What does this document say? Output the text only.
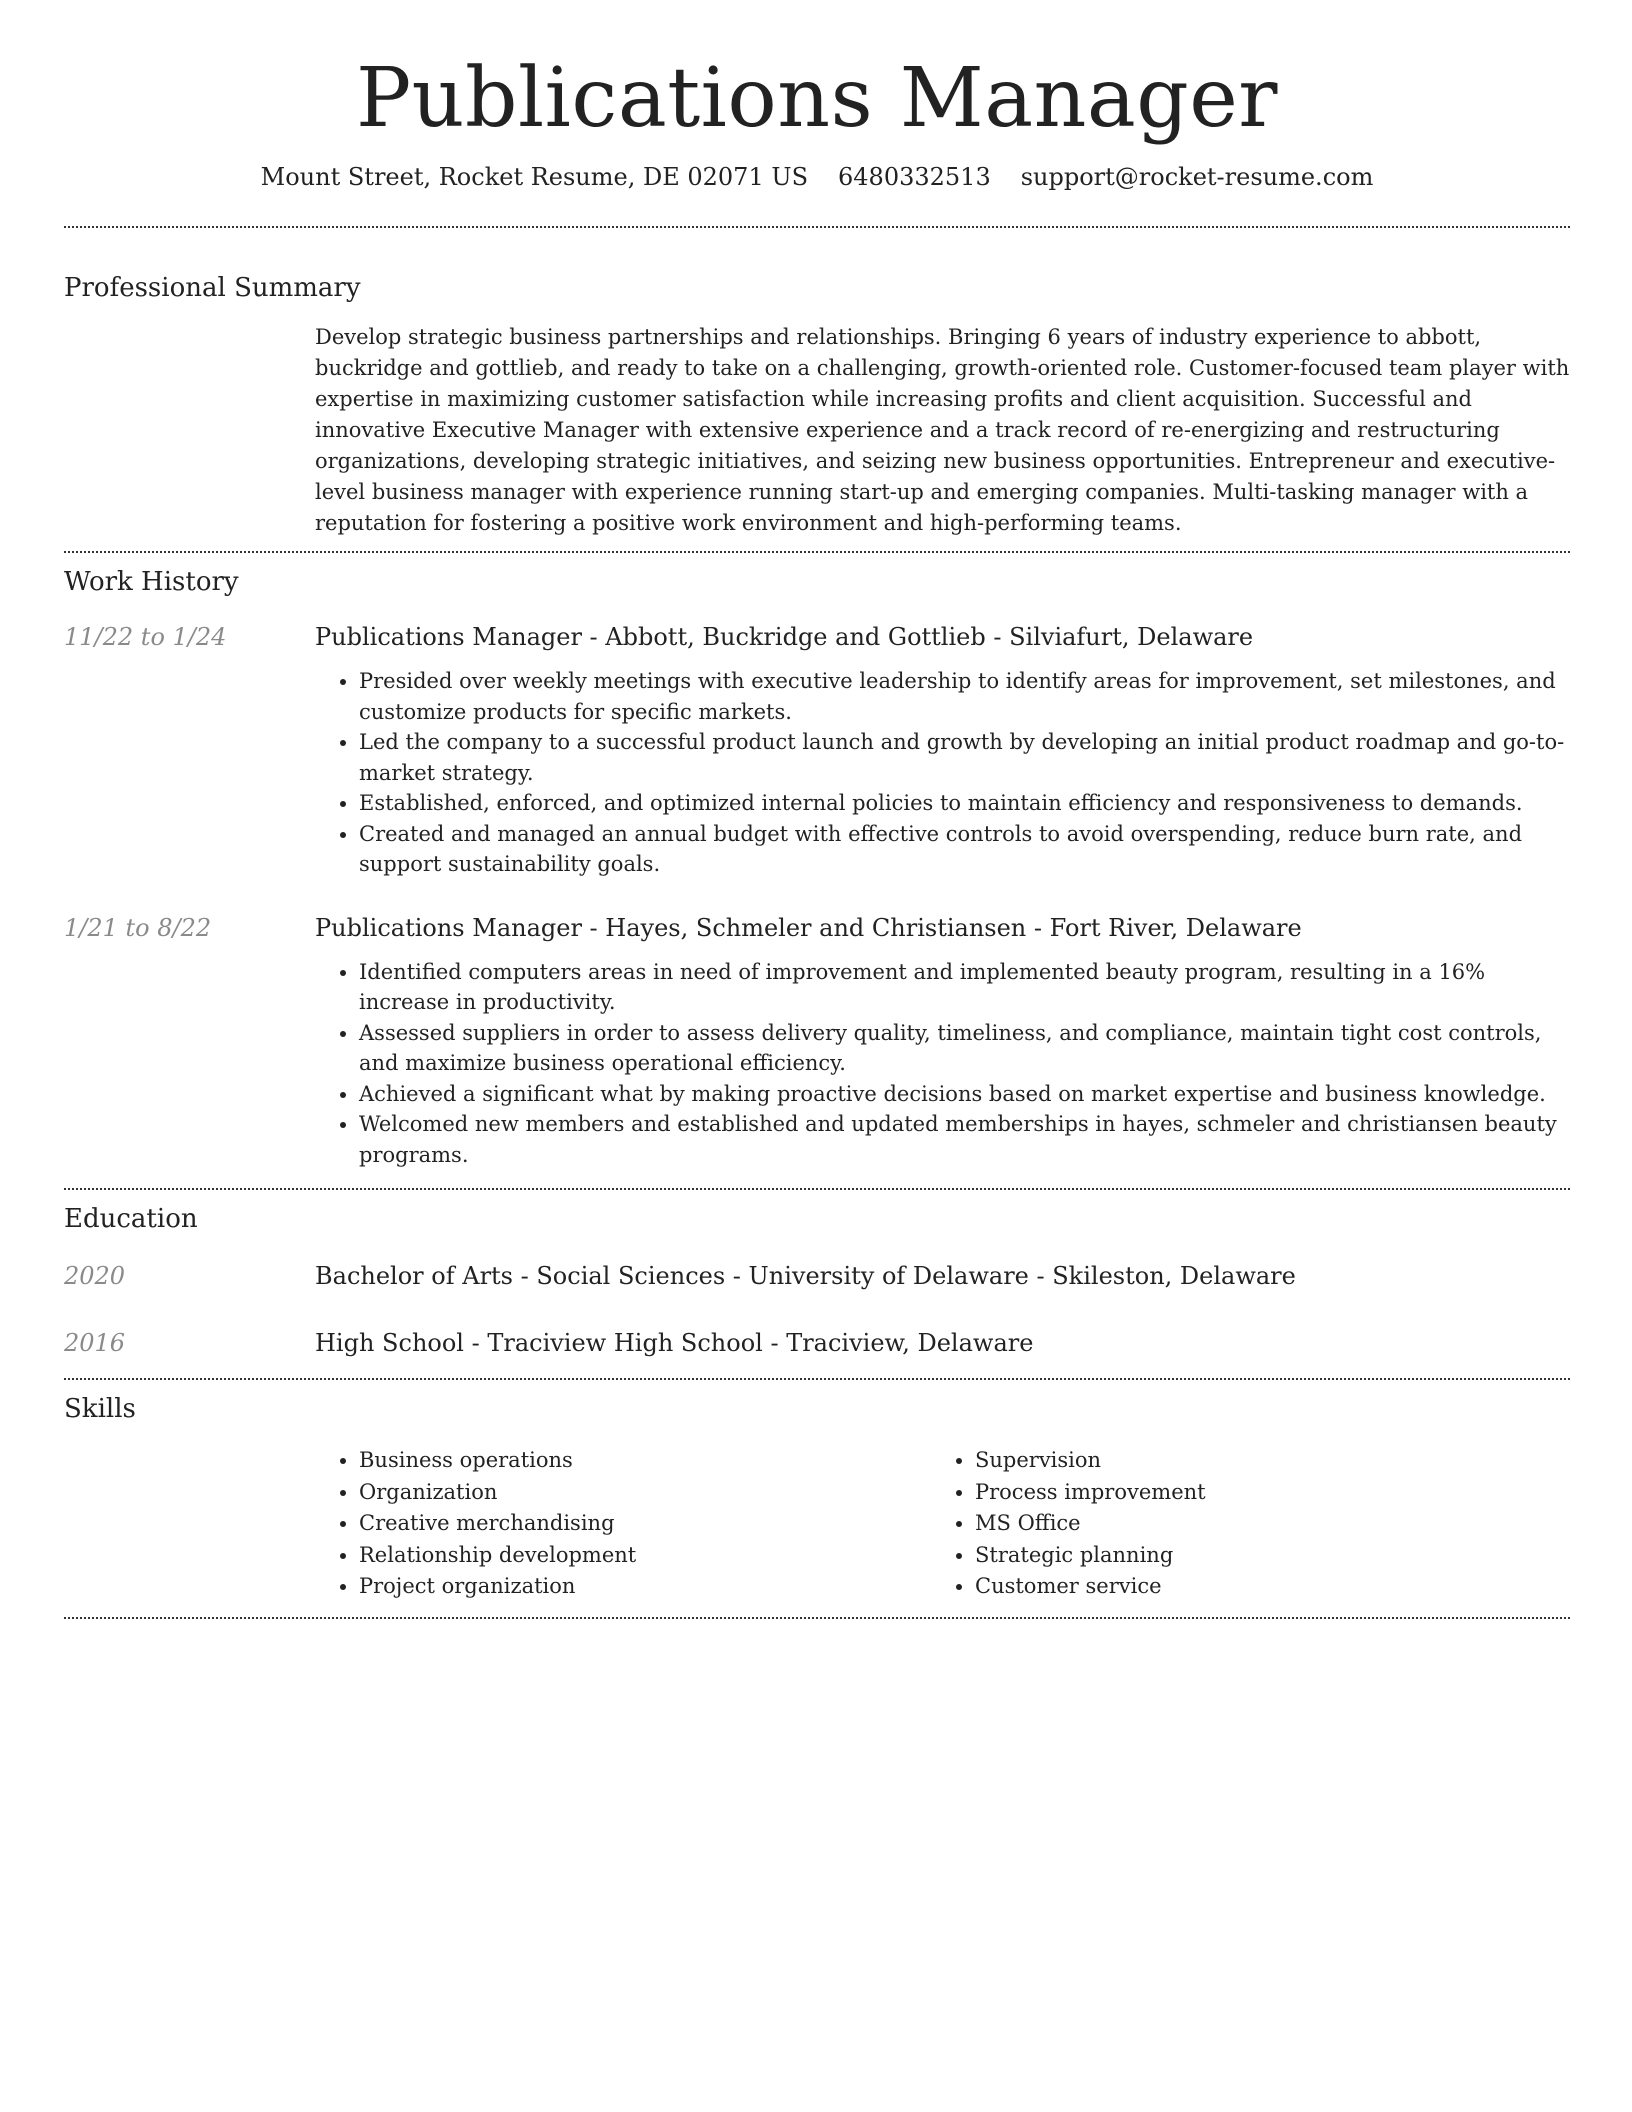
Publications Manager
Mount Street, Rocket Resume, DE 02071 US 6480332513 support@rocket-resume.com
Professional Summary

Develop strategic business partnerships and relationships. Bringing 6 years of industry experience to abbott, buckridge and gottlieb, and ready to take on a challenging, growth-oriented role. Customer-focused team player with expertise in maximizing customer satisfaction while increasing profits and client acquisition. Successful and innovative Executive Manager with extensive experience and a track record of re-energizing and restructuring organizations, developing strategic initiatives, and seizing new business opportunities. Entrepreneur and executive-level business manager with experience running start-up and emerging companies. Multi-tasking manager with a reputation for fostering a positive work environment and high-performing teams.

Work History
11/22 to 1/24	Publications Manager - Abbott, Buckridge and Gottlieb - Silviafurt, Delaware
• Presided over weekly meetings with executive leadership to identify areas for improvement, set milestones, and customize products for specific markets.
• Led the company to a successful product launch and growth by developing an initial product roadmap and go-to-market strategy.
• Established, enforced, and optimized internal policies to maintain efficiency and responsiveness to demands.
• Created and managed an annual budget with effective controls to avoid overspending, reduce burn rate, and support sustainability goals.
1/21 to 8/22	Publications Manager - Hayes, Schmeler and Christiansen - Fort River, Delaware
• Identified computers areas in need of improvement and implemented beauty program, resulting in a 16% increase in productivity.
• Assessed suppliers in order to assess delivery quality, timeliness, and compliance, maintain tight cost controls, and maximize business operational efficiency.
• Achieved a significant what by making proactive decisions based on market expertise and business knowledge.
• Welcomed new members and established and updated memberships in hayes, schmeler and christiansen beauty programs.
Education
2020	Bachelor of Arts - Social Sciences - University of Delaware - Skileston, Delaware
2016	High School - Traciview High School - Traciview, Delaware
Skills
• Business operations
• Organization
• Creative merchandising
• Relationship development
• Project organization
• Supervision
• Process improvement
• MS Office
• Strategic planning
• Customer service
